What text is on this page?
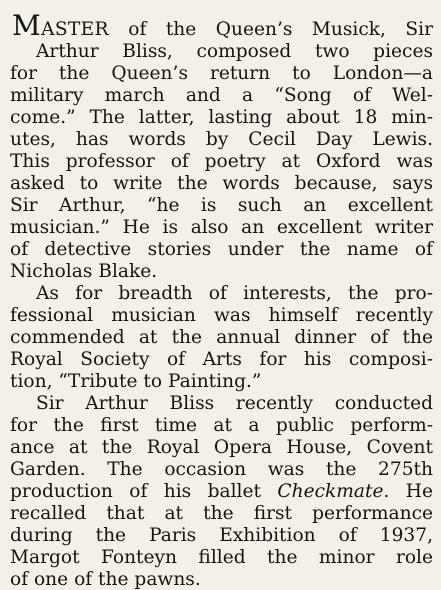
MASTER of the Queen’s Musick, Sir
Arthur Bliss, composed two pieces
for the Queen’s return to London—a
military march and a “Song of Wel-
come.” The latter, lasting about 18 min-
utes, has words by Cecil Day Lewis.
This professor of poetry at Oxford was
asked to write the words because, says
Sir Arthur, “he is such an excellent
musician.” He is also an excellent writer
of detective stories under the name of
Nicholas Blake.
As for breadth of interests, the pro-
fessional musician was himself recently
commended at the annual dinner of the
Royal Society of Arts for his composi-
tion, “Tribute to Painting.”
Sir Arthur Bliss recently conducted
for the first time at a public perform-
ance at the Royal Opera House, Covent
Garden. The occasion was the 275th
production of his ballet Checkmate. He
recalled that at the first performance
during the Paris Exhibition of 1937,
Margot Fonteyn filled the minor role
of one of the pawns.
